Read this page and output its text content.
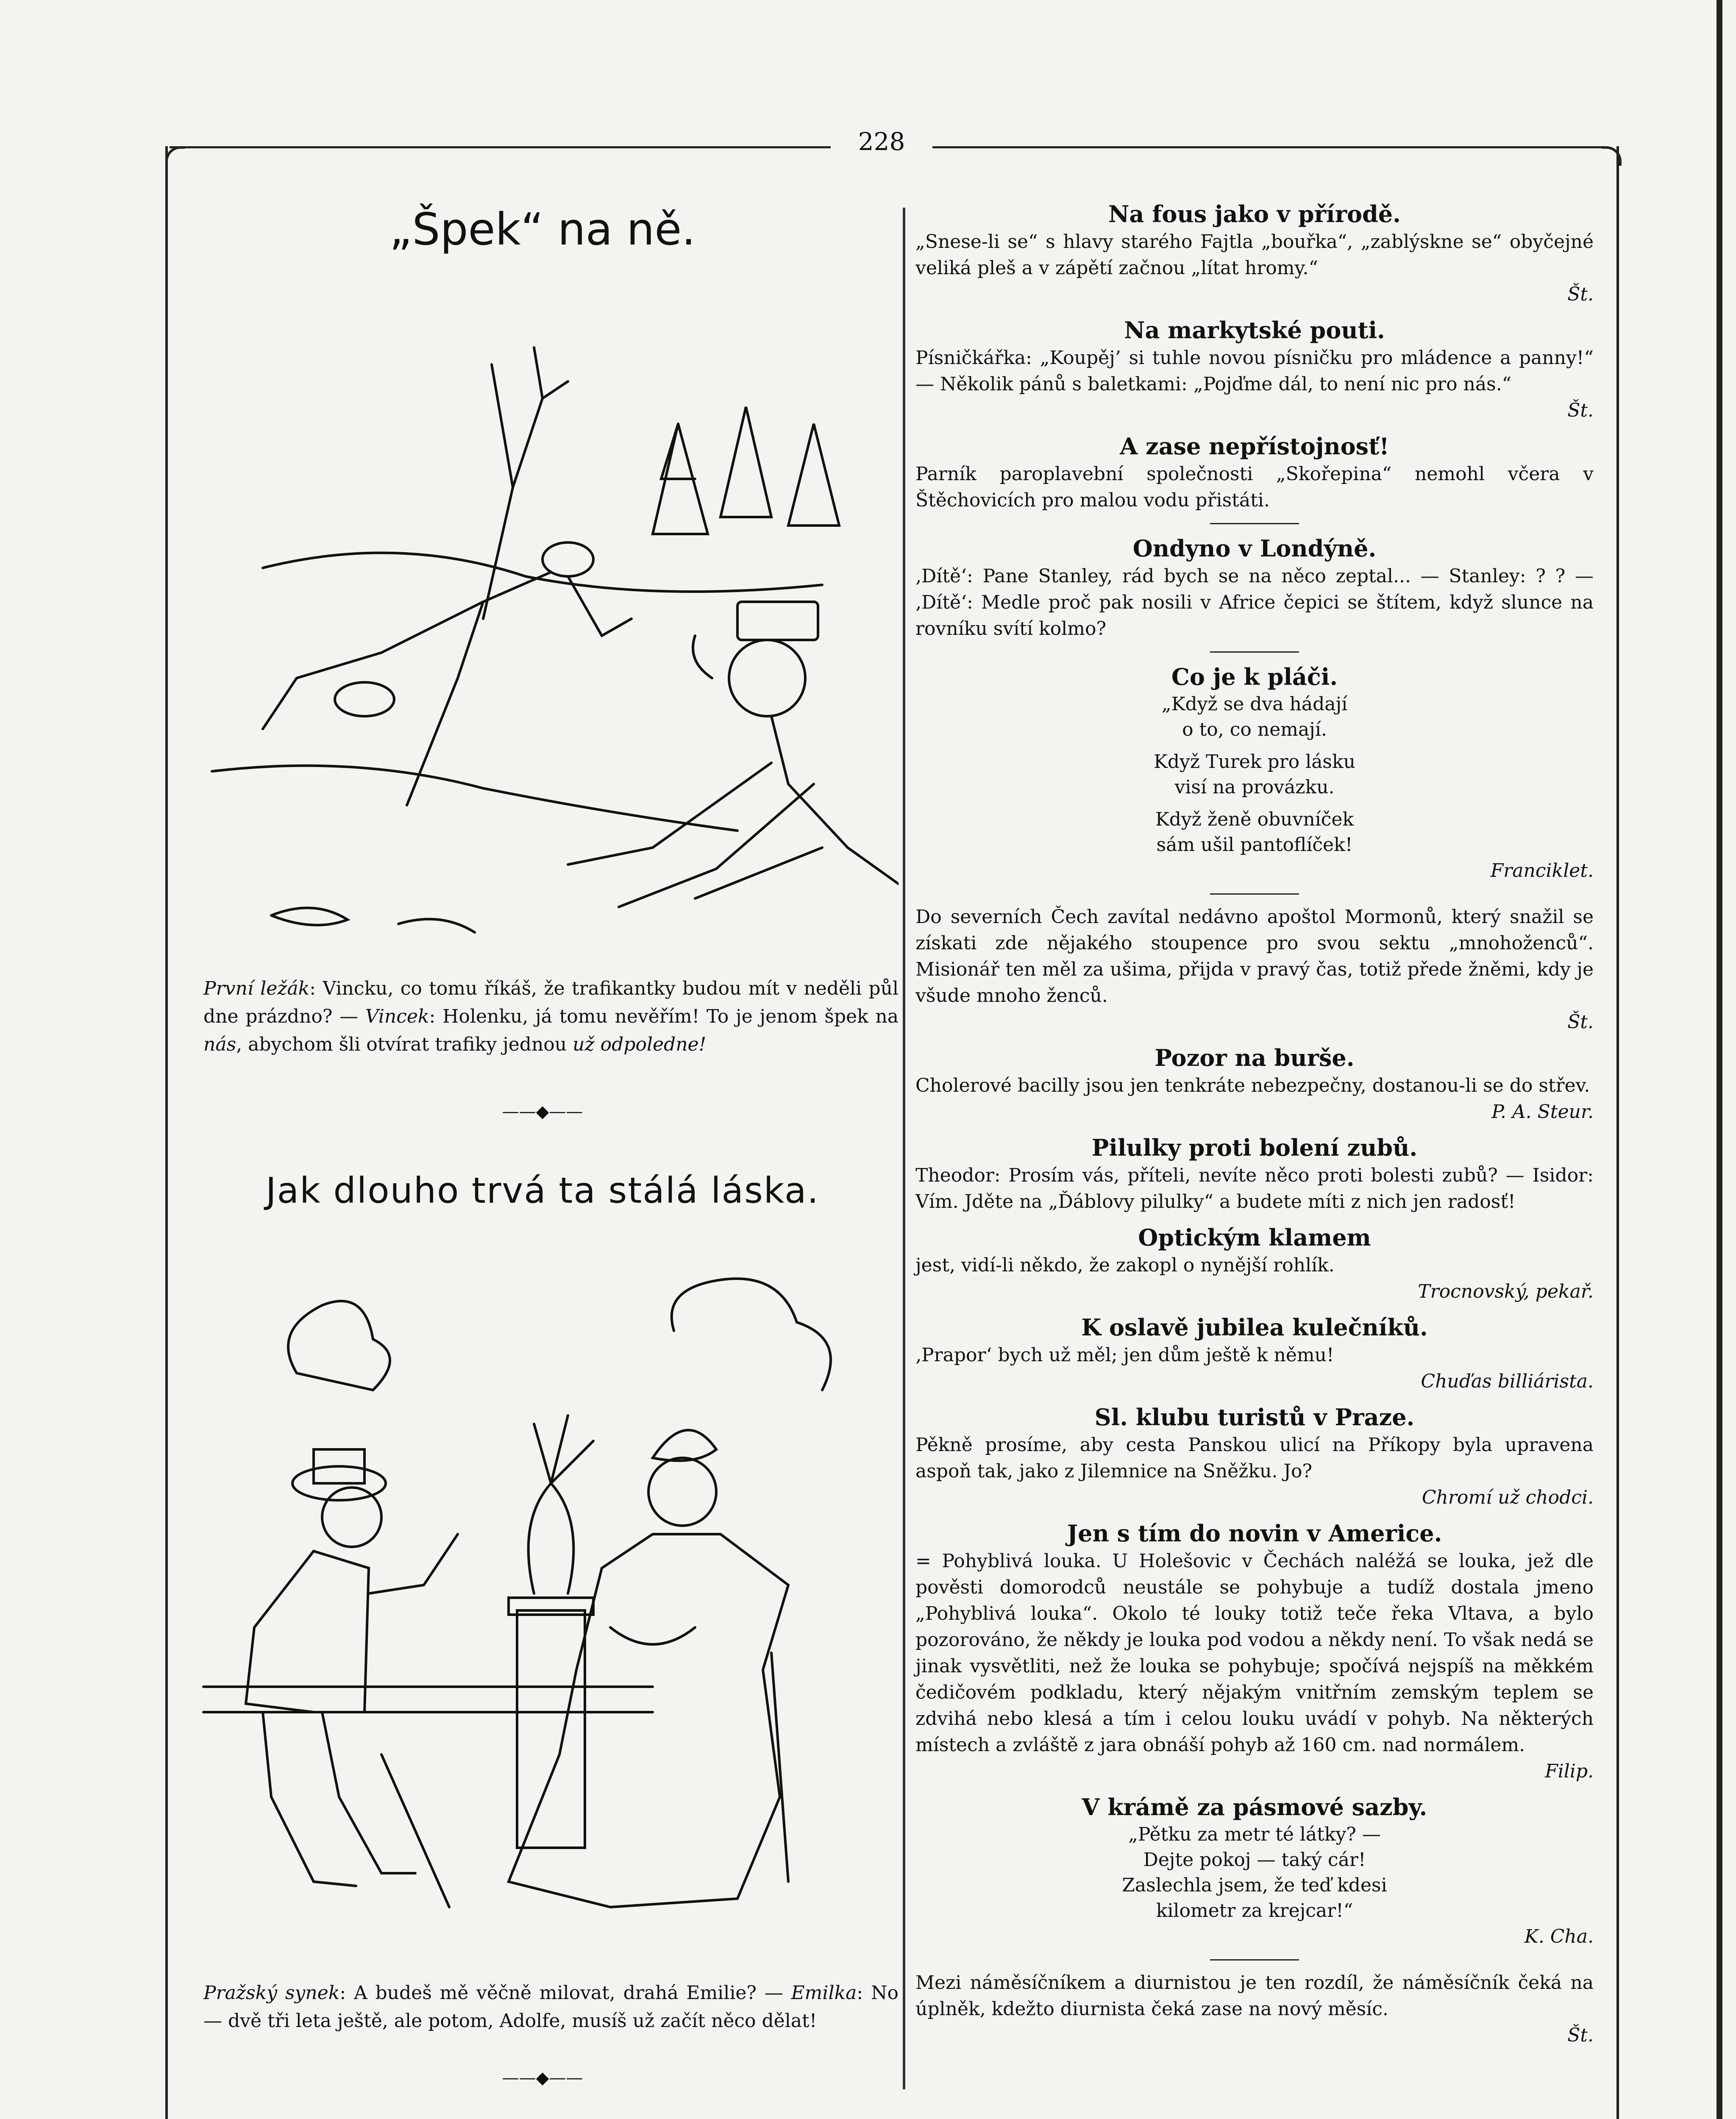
228
„Špek“ na ně.
První ležák: Vincku, co tomu říkáš, že trafikantky budou mít v neděli půl dne prázdno? — Vincek: Holenku, já tomu nevěřím! To je jenom špek na nás, abychom šli otvírat trafiky jednou už odpoledne!
——◆——
Jak dlouho trvá ta stálá láska.
Pražský synek: A budeš mě věčně milovat, drahá Emilie? — Emilka: No — dvě tři leta ještě, ale potom, Adolfe, musíš už začít něco dělat!
——◆——

Na fous jako v přírodě.

„Snese-li se“ s hlavy starého Fajtla „bouřka“, „zablýskne se“ obyčejné veliká pleš a v zápětí začnou „lítat hromy.“

Št.

Na markytské pouti.

Písničkářka: „Koupěj’ si tuhle novou písničku pro mládence a panny!“ — Několik pánů s baletkami: „Pojďme dál, to není nic pro nás.“

Št.

A zase nepřístojnosť!

Parník paroplavební společnosti „Skořepina“ nemohl včera v Štěchovicích pro malou vodu přistáti.

Ondyno v Londýně.

‚Dítě‘: Pane Stanley, rád bych se na něco zeptal... — Stanley: ? ? — ‚Dítě‘: Medle proč pak nosili v Africe čepici se štítem, když slunce na rovníku svítí kolmo?

Co je k pláči.

„Když se dva hádají

o to, co nemají.

Když Turek pro lásku

visí na provázku.

Když ženě obuvníček

sám ušil pantoflíček!

Franciklet.

Do severních Čech zavítal nedávno apoštol Mormonů, který snažil se získati zde nějakého stoupence pro svou sektu „mnohoženců“. Misionář ten měl za ušima, přijda v pravý čas, totiž přede žněmi, kdy je všude mnoho ženců.

Št.

Pozor na burše.

Cholerové bacilly jsou jen tenkráte nebezpečny, dostanou-li se do střev.

P. A. Steur.

Pilulky proti bolení zubů.

Theodor: Prosím vás, příteli, nevíte něco proti bolesti zubů? — Isidor: Vím. Jděte na „Ďáblovy pilulky“ a budete míti z nich jen radosť!

Optickým klamem

jest, vidí-li někdo, že zakopl o nynější rohlík.

Trocnovský, pekař.

K oslavě jubilea kulečníků.

‚Prapor‘ bych už měl; jen dům ještě k němu!

Chuďas billiárista.

Sl. klubu turistů v Praze.

Pěkně prosíme, aby cesta Panskou ulicí na Příkopy byla upravena aspoň tak, jako z Jilemnice na Sněžku. Jo?

Chromí už chodci.

Jen s tím do novin v Americe.

= Pohyblivá louka. U Holešovic v Čechách naléžá se louka, jež dle pověsti domorodců neustále se pohybuje a tudíž dostala jmeno „Pohyblivá louka“. Okolo té louky totiž teče řeka Vltava, a bylo pozorováno, že někdy je louka pod vodou a někdy není. To však nedá se jinak vysvětliti, než že louka se pohybuje; spočívá nejspíš na měkkém čedičovém podkladu, který nějakým vnitřním zemským teplem se zdvihá nebo klesá a tím i celou louku uvádí v pohyb. Na některých místech a zvláště z jara obnáší pohyb až 160 cm. nad normálem.

Filip.

V krámě za pásmové sazby.

„Pětku za metr té látky? —

Dejte pokoj — taký cár!

Zaslechla jsem, že teď kdesi

kilometr za krejcar!“

K. Cha.

Mezi náměsíčníkem a diurnistou je ten rozdíl, že náměsíčník čeká na úplněk, kdežto diurnista čeká zase na nový měsíc.

Št.
